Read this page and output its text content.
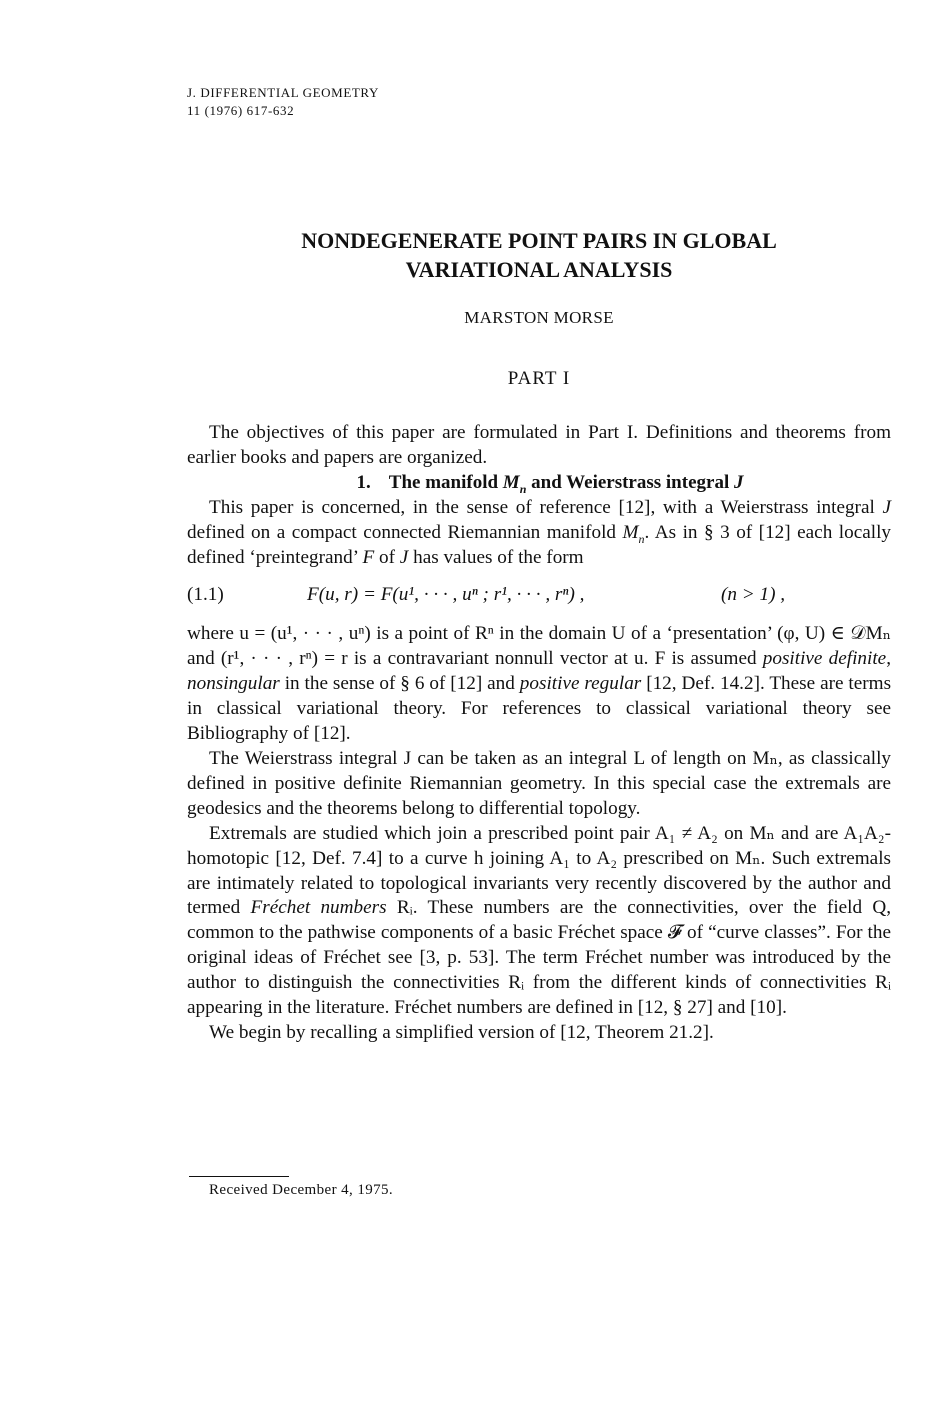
J. DIFFERENTIAL GEOMETRY
11 (1976) 617-632
NONDEGENERATE POINT PAIRS IN GLOBAL
VARIATIONAL ANALYSIS
MARSTON MORSE
PART I

The objectives of this paper are formulated in Part I. Definitions and theorems from earlier books and papers are organized.

1. The manifold $M_n$ and Weierstrass integral J

This paper is concerned, in the sense of reference [12], with a Weierstrass integral J defined on a compact connected Riemannian manifold $M_n$. As in § 3 of [12] each locally defined ‘preintegrand’ F of J has values of the form

(1.1)	F(u, r) = F(u¹, · · · , uⁿ ; r¹, · · · , rⁿ) ,	(n > 1) ,

where u = (u¹, · · · , uⁿ) is a point of Rⁿ in the domain U of a ‘presentation’ (φ, U) ∈ 𝒟Mₙ and (r¹, · · · , rⁿ) = r is a contravariant nonnull vector at u. F is assumed positive definite, nonsingular in the sense of § 6 of [12] and positive regular [12, Def. 14.2]. These are terms in classical variational theory. For references to classical variational theory see Bibliography of [12].

The Weierstrass integral J can be taken as an integral L of length on Mₙ, as classically defined in positive definite Riemannian geometry. In this special case the extremals are geodesics and the theorems belong to differential topology.

Extremals are studied which join a prescribed point pair A₁ ≠ A₂ on Mₙ and are A₁A₂-homotopic [12, Def. 7.4] to a curve h joining A₁ to A₂ prescribed on Mₙ. Such extremals are intimately related to topological invariants very recently discovered by the author and termed Fréchet numbers Rᵢ. These numbers are the connectivities, over the field Q, common to the pathwise components of a basic Fréchet space 𝓕 of “curve classes”. For the original ideas of Fréchet see [3, p. 53]. The term Fréchet number was introduced by the author to distinguish the connectivities Rᵢ from the different kinds of connectivities Rᵢ appearing in the literature. Fréchet numbers are defined in [12, § 27] and [10].

We begin by recalling a simplified version of [12, Theorem 21.2].

Received December 4, 1975.
